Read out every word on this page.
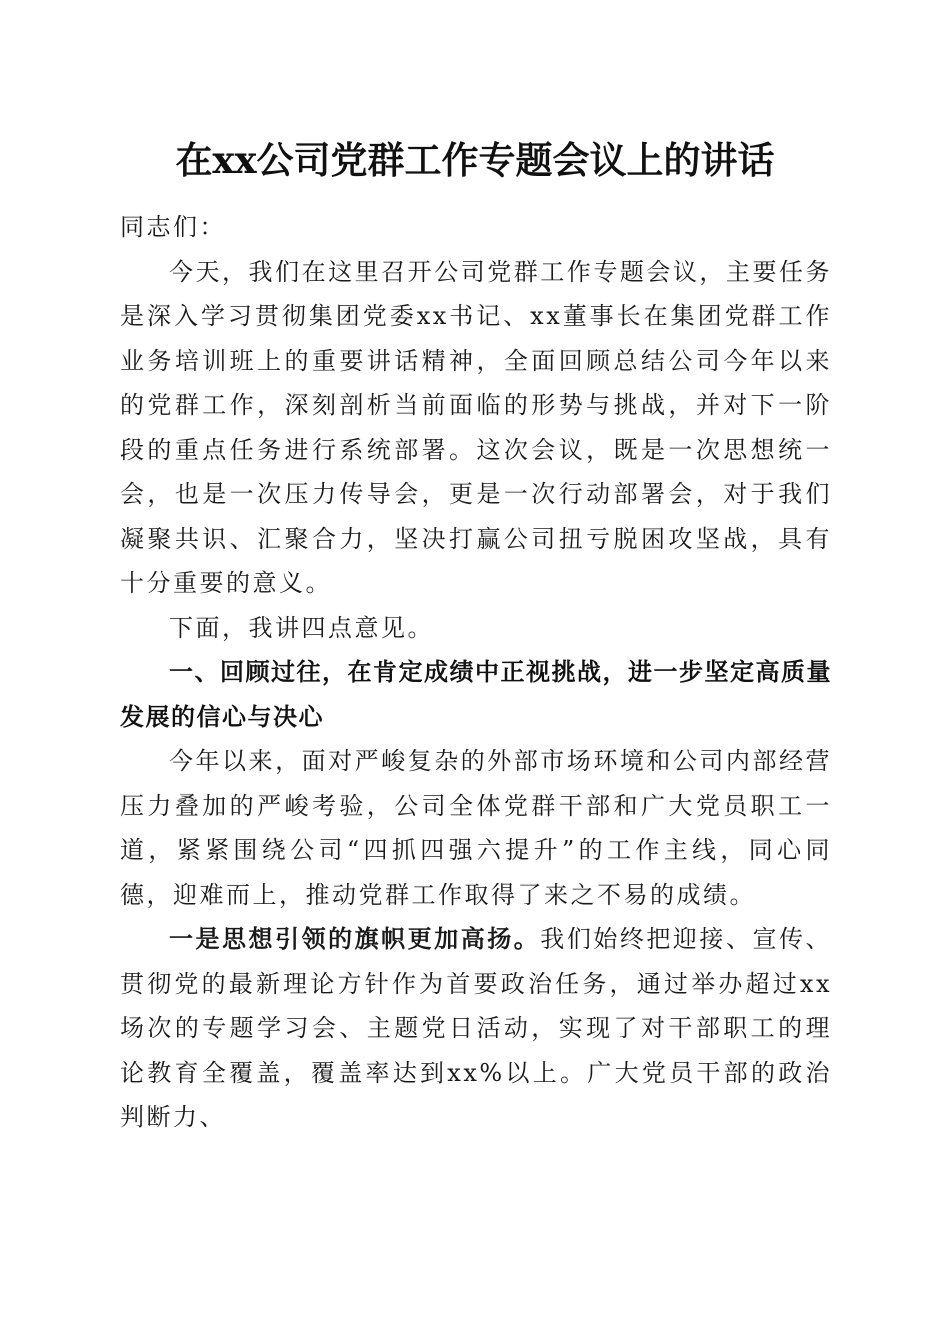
在xx公司党群工作专题会议上的讲话

同志们：

今天，我们在这里召开公司党群工作专题会议，主要任务是深入学习贯彻集团党委xx书记、xx董事长在集团党群工作业务培训班上的重要讲话精神，全面回顾总结公司今年以来的党群工作，深刻剖析当前面临的形势与挑战，并对下一阶段的重点任务进行系统部署。这次会议，既是一次思想统一会，也是一次压力传导会，更是一次行动部署会，对于我们凝聚共识、汇聚合力，坚决打赢公司扭亏脱困攻坚战，具有十分重要的意义。

下面，我讲四点意见。

一、回顾过往，在肯定成绩中正视挑战，进一步坚定高质量发展的信心与决心

今年以来，面对严峻复杂的外部市场环境和公司内部经营压力叠加的严峻考验，公司全体党群干部和广大党员职工一道，紧紧围绕公司“四抓四强六提升”的工作主线，同心同德，迎难而上，推动党群工作取得了来之不易的成绩。

一是思想引领的旗帜更加高扬。我们始终把迎接、宣传、贯彻党的最新理论方针作为首要政治任务，通过举办超过xx场次的专题学习会、主题党日活动，实现了对干部职工的理论教育全覆盖，覆盖率达到xx%以上。广大党员干部的政治判断力、
